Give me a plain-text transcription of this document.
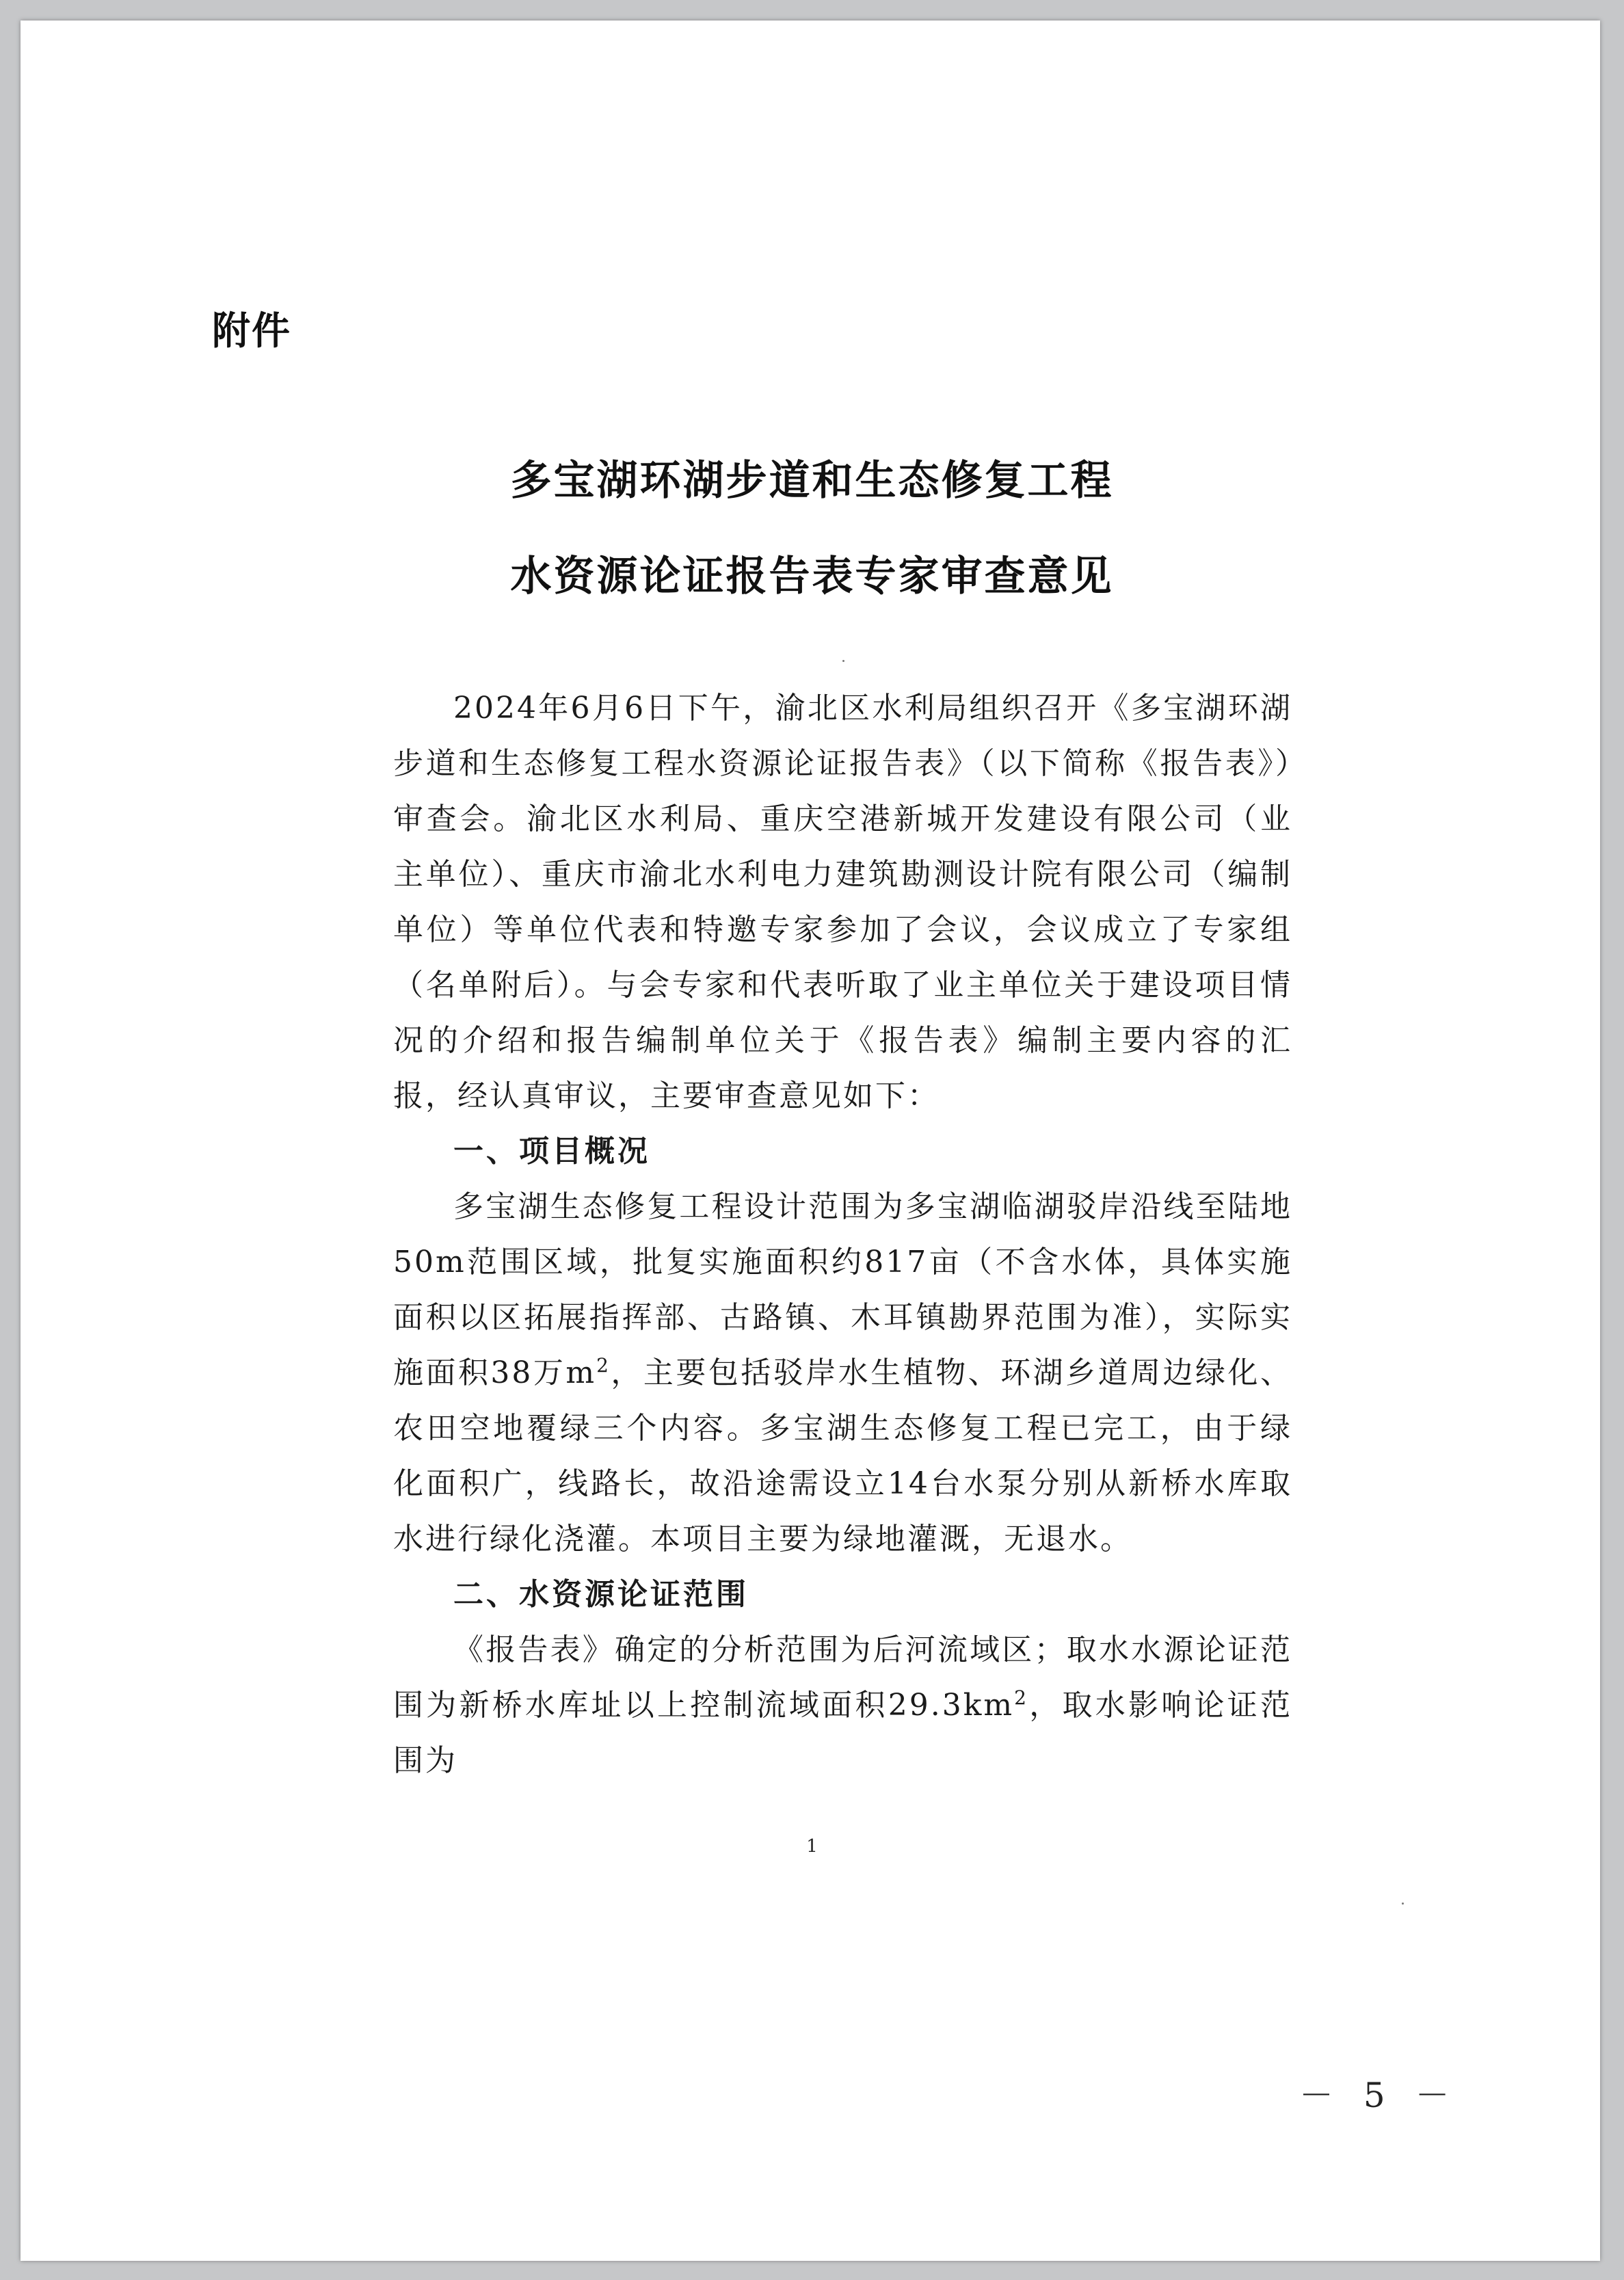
附件
多宝湖环湖步道和生态修复工程
水资源论证报告表专家审查意见

2024年6月6日下午，渝北区水利局组织召开《多宝湖环湖步道和生态修复工程水资源论证报告表》（以下简称《报告表》）审查会。渝北区水利局、重庆空港新城开发建设有限公司（业主单位）、重庆市渝北水利电力建筑勘测设计院有限公司（编制单位）等单位代表和特邀专家参加了会议，会议成立了专家组（名单附后）。与会专家和代表听取了业主单位关于建设项目情况的介绍和报告编制单位关于《报告表》编制主要内容的汇报，经认真审议，主要审查意见如下：

一、项目概况

多宝湖生态修复工程设计范围为多宝湖临湖驳岸沿线至陆地50m范围区域，批复实施面积约817亩（不含水体，具体实施面积以区拓展指挥部、古路镇、木耳镇勘界范围为准），实际实施面积38万$m^2$，主要包括驳岸水生植物、环湖乡道周边绿化、农田空地覆绿三个内容。多宝湖生态修复工程已完工，由于绿化面积广，线路长，故沿途需设立14台水泵分别从新桥水库取水进行绿化浇灌。本项目主要为绿地灌溉，无退水。

二、水资源论证范围

《报告表》确定的分析范围为后河流域区；取水水源论证范围为新桥水库址以上控制流域面积$29.3km^2$，取水影响论证范围为

1
－ 5 －
